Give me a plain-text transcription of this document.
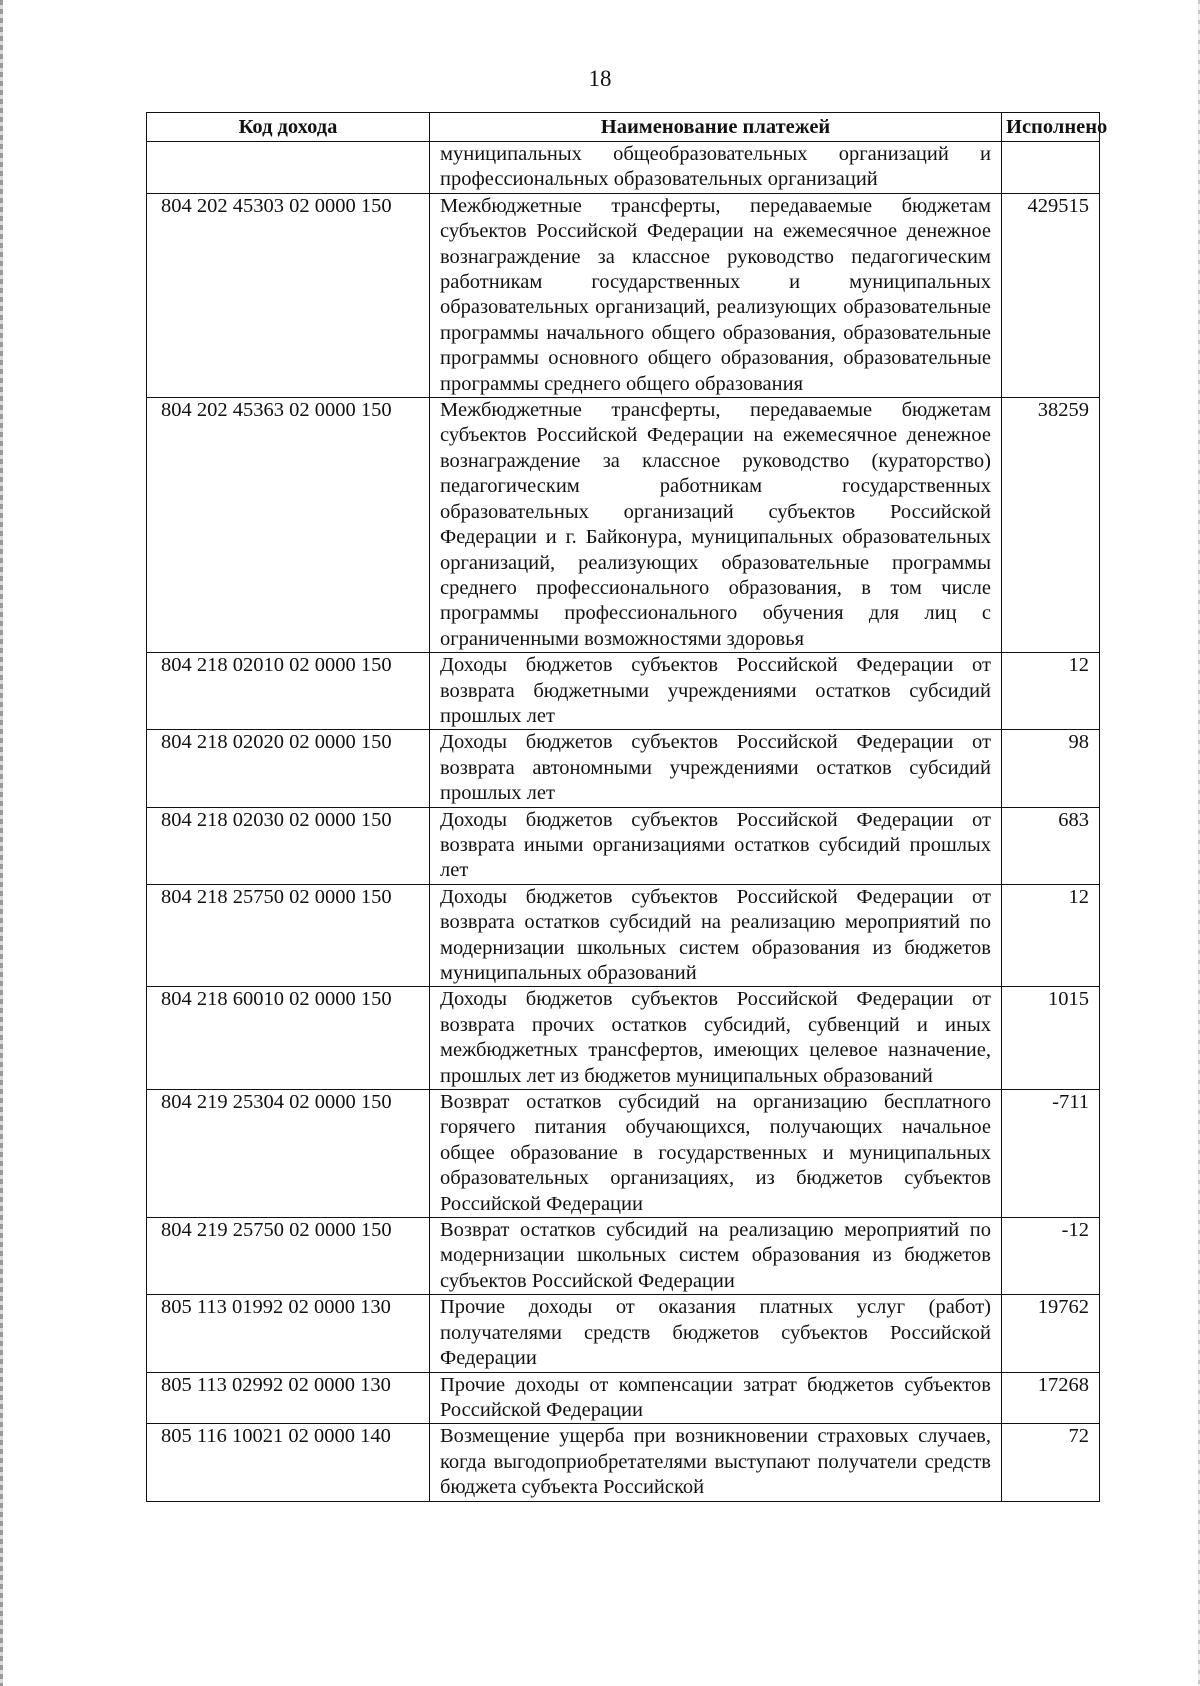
18
Код дохода	Наименование платежей	Исполнено
	муниципальных общеобразовательных организаций и профессиональных образовательных организаций	
804 202 45303 02 0000 150	Межбюджетные трансферты, передаваемые бюджетам субъектов Российской Федерации на ежемесячное денежное вознаграждение за классное руководство педагогическим работникам государственных и муниципальных образовательных организаций, реализующих образовательные программы начального общего образования, образовательные программы основного общего образования, образовательные программы среднего общего образования	429515
804 202 45363 02 0000 150	Межбюджетные трансферты, передаваемые бюджетам субъектов Российской Федерации на ежемесячное денежное вознаграждение за классное руководство (кураторство) педагогическим работникам государственных образовательных организаций субъектов Российской Федерации и г. Байконура, муниципальных образовательных организаций, реализующих образовательные программы среднего профессионального образования, в том числе программы профессионального обучения для лиц с ограниченными возможностями здоровья	38259
804 218 02010 02 0000 150	Доходы бюджетов субъектов Российской Федерации от возврата бюджетными учреждениями остатков субсидий прошлых лет	12
804 218 02020 02 0000 150	Доходы бюджетов субъектов Российской Федерации от возврата автономными учреждениями остатков субсидий прошлых лет	98
804 218 02030 02 0000 150	Доходы бюджетов субъектов Российской Федерации от возврата иными организациями остатков субсидий прошлых лет	683
804 218 25750 02 0000 150	Доходы бюджетов субъектов Российской Федерации от возврата остатков субсидий на реализацию мероприятий по модернизации школьных систем образования из бюджетов муниципальных образований	12
804 218 60010 02 0000 150	Доходы бюджетов субъектов Российской Федерации от возврата прочих остатков субсидий, субвенций и иных межбюджетных трансфертов, имеющих целевое назначение, прошлых лет из бюджетов муниципальных образований	1015
804 219 25304 02 0000 150	Возврат остатков субсидий на организацию бесплатного горячего питания обучающихся, получающих начальное общее образование в государственных и муниципальных образовательных организациях, из бюджетов субъектов Российской Федерации	-711
804 219 25750 02 0000 150	Возврат остатков субсидий на реализацию мероприятий по модернизации школьных систем образования из бюджетов субъектов Российской Федерации	-12
805 113 01992 02 0000 130	Прочие доходы от оказания платных услуг (работ) получателями средств бюджетов субъектов Российской Федерации	19762
805 113 02992 02 0000 130	Прочие доходы от компенсации затрат бюджетов субъектов Российской Федерации	17268
805 116 10021 02 0000 140	Возмещение ущерба при возникновении страховых случаев, когда выгодоприобретателями выступают получатели средств бюджета субъекта Российской	72
